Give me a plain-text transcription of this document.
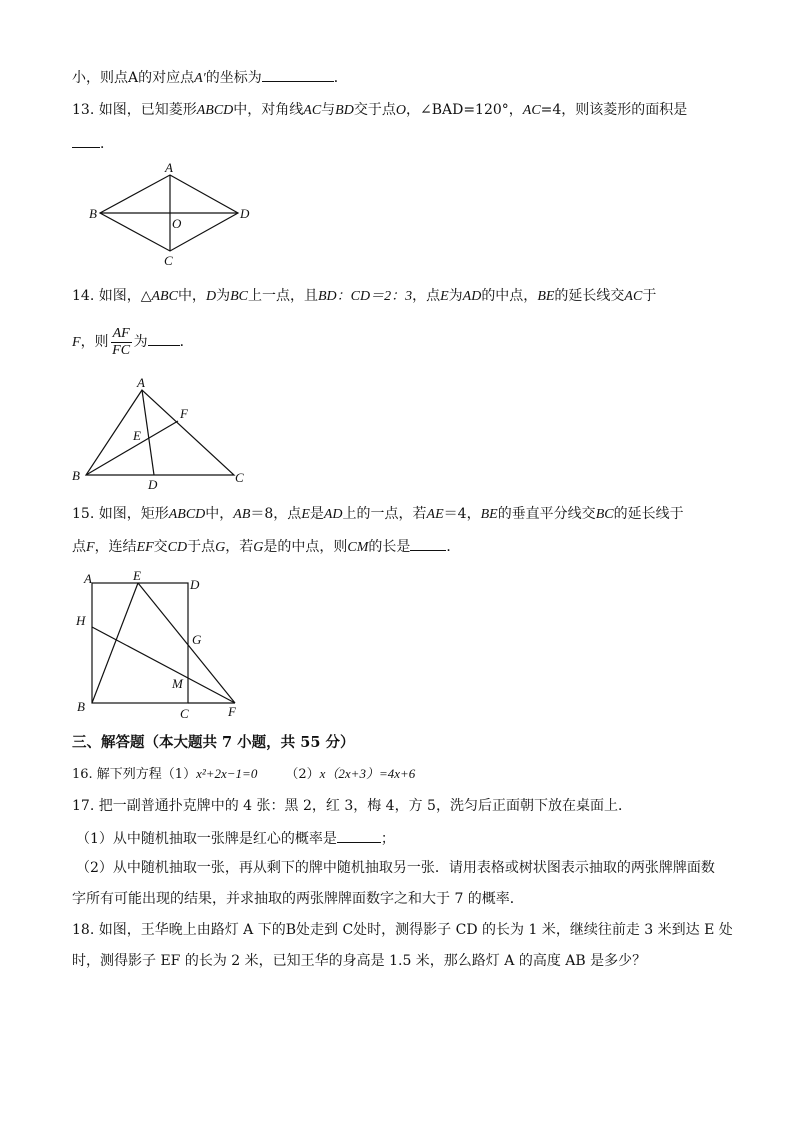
小，则点A的对应点A′的坐标为	．
13. 如图，已知菱形ABCD中，对角线AC与BD交于点O，∠BAD=120°，AC=4，则该菱形的面积是
．
A
B
C
D
O
14. 如图，△ABC中，D为BC上一点，且BD：CD＝2：3，点E为AD的中点，BE的延长线交AC于
F，则 $\frac{AF}{FC}$ 为 ．
A
B	C
D
E
F
15. 如图，矩形ABCD中，AB＝8，点E是AD上的一点，若AE＝4，BE的垂直平分线交BC的延长线于
点F，连结EF交CD于点G，若G是的中点，则CM的长是	．
A	E
D
H
G
M
B	C	F
三、解答题（本大题共 7 小题，共 55 分）
16. 解下列方程（1）x²+2x−1=0 （2）x（2x+3）=4x+6
17. 把一副普通扑克牌中的 4 张：黑 2，红 3，梅 4，方 5，洗匀后正面朝下放在桌面上．
（1）从中随机抽取一张牌是红心的概率是	；
（2）从中随机抽取一张，再从剩下的牌中随机抽取另一张．请用表格或树状图表示抽取的两张牌牌面数
字所有可能出现的结果，并求抽取的两张牌牌面数字之和大于 7 的概率．
18. 如图，王华晚上由路灯 A 下的B处走到 C处时，测得影子 CD 的长为 1 米，继续往前走 3 米到达 E 处
时，测得影子 EF 的长为 2 米，已知王华的身高是 1.5 米，那么路灯 A 的高度 AB 是多少？
